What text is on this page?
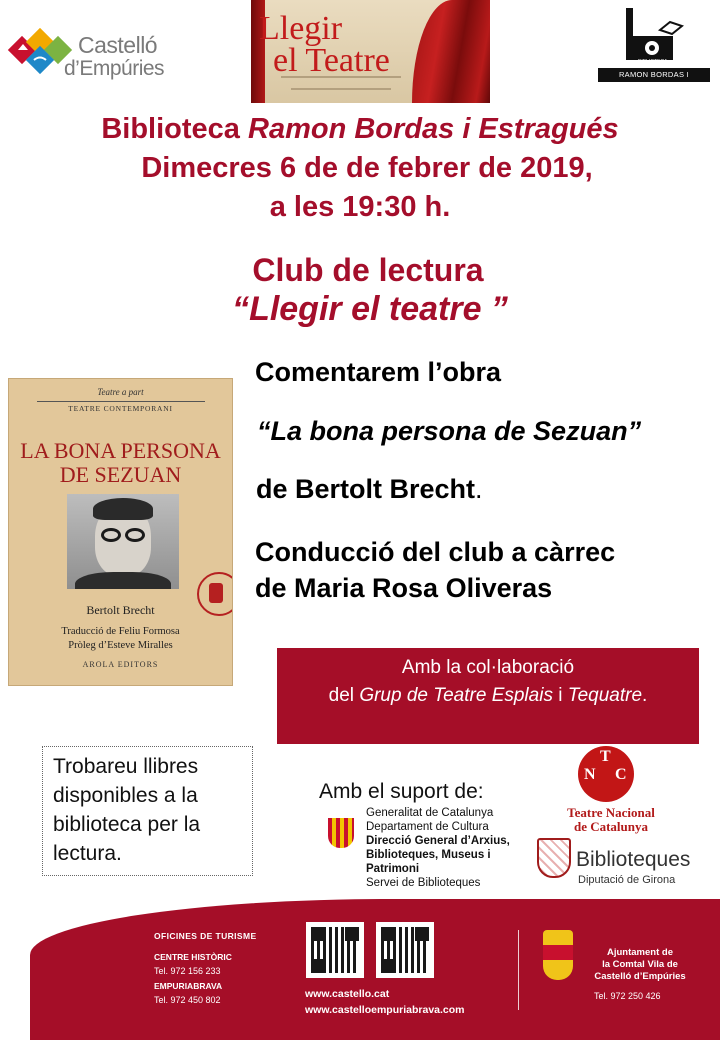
Castelló
d’Empúries
Llegir
el Teatre	BIBLIOTECA
RAMON BORDAS I ESTRAGUÉS
Biblioteca Ramon Bordas i Estragués
Dimecres 6 de de febrer de 2019,
a les 19:30 h.
Club de lectura
“Llegir el teatre ”
Teatre a part
TEATRE CONTEMPORANI
LA BONA PERSONA
DE SEZUAN
Bertolt Brecht
Traducció de Feliu Formosa
Pròleg d’Esteve Miralles
AROLA EDITORS
Comentarem l’obra
“La bona persona de Sezuan”
de Bertolt Brecht.
Conducció del club a càrrec
de Maria Rosa Oliveras
Amb la col·laboració
del Grup de Teatre Esplais i Tequatre.
Trobareu llibres
disponibles a la
biblioteca per la
lectura.
Amb el suport de:
Generalitat de Catalunya
Departament de Cultura
Direcció General d’Arxius,
Biblioteques, Museus i
Patrimoni
Servei de Biblioteques
T
N C
Teatre Nacional
de Catalunya
Biblioteques
Diputació de Girona
OFICINES DE TURISME
CENTRE HISTÒRIC
Tel. 972 156 233
EMPURIABRAVA
Tel. 972 450 802	www.castello.cat
www.castelloempuriabrava.com
Ajuntament de
la Comtal Vila de
Castelló d’Empúries
Tel. 972 250 426
